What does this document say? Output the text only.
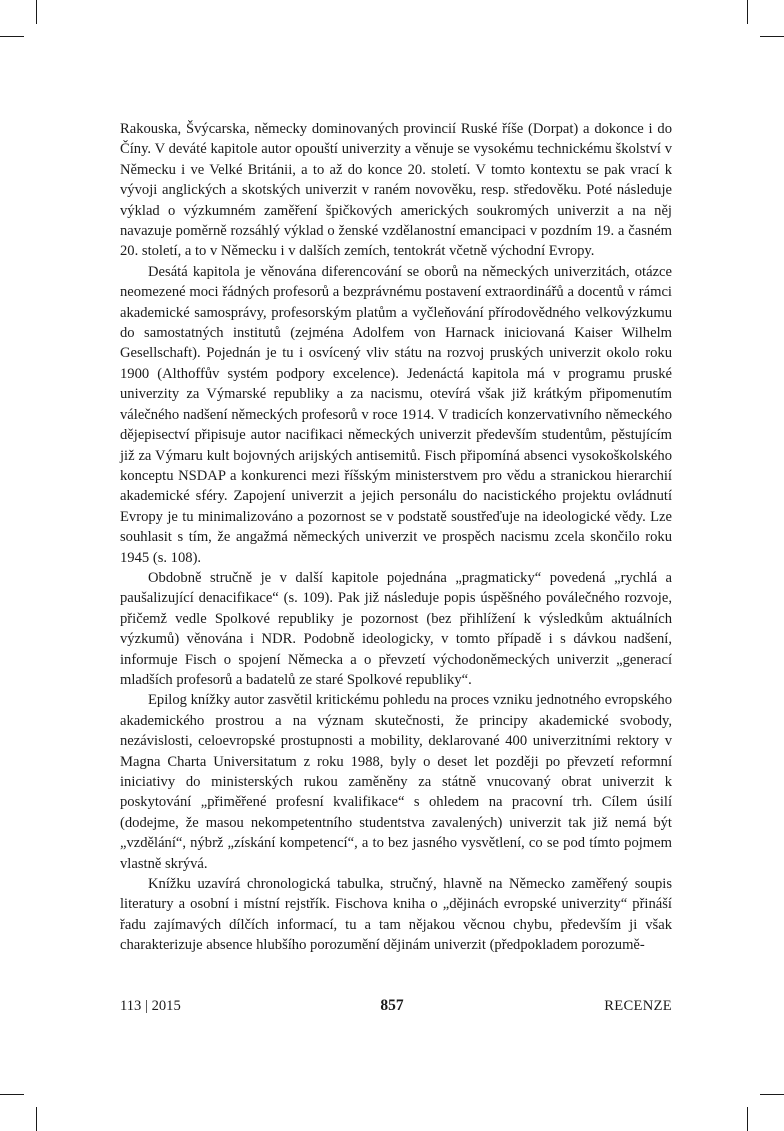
Rakouska, Švýcarska, německy dominovaných provincií Ruské říše (Dorpat) a dokonce i do Číny. V deváté kapitole autor opouští univerzity a věnuje se vysokému technickému školství v Německu i ve Velké Británii, a to až do konce 20. století. V tomto kontextu se pak vrací k vývoji anglických a skotských univerzit v raném novověku, resp. středověku. Poté následuje výklad o výzkumném zaměření špičkových amerických soukromých univerzit a na něj navazuje poměrně rozsáhlý výklad o ženské vzdělanostní emancipaci v pozdním 19. a časném 20. století, a to v Německu i v dalších zemích, tentokrát včetně východní Evropy.

Desátá kapitola je věnována diferencování se oborů na německých univerzitách, otázce neomezené moci řádných profesorů a bezprávnému postavení extraordinářů a docentů v rámci akademické samosprávy, profesorským platům a vyčleňování přírodovědného velkovýzkumu do samostatných institutů (zejména Adolfem von Harnack iniciovaná Kaiser Wilhelm Gesellschaft). Pojednán je tu i osvícený vliv státu na rozvoj pruských univerzit okolo roku 1900 (Althoffův systém podpory excelence). Jedenáctá kapitola má v programu pruské univerzity za Výmarské republiky a za nacismu, otevírá však již krátkým připomenutím válečného nadšení německých profesorů v roce 1914. V tradicích konzervativního německého dějepisectví připisuje autor nacifikaci německých univerzit především studentům, pěstujícím již za Výmaru kult bojovných arijských antisemitů. Fisch připomíná absenci vysokoškolského konceptu NSDAP a konkurenci mezi říšským ministerstvem pro vědu a stranickou hierarchií akademické sféry. Zapojení univerzit a jejich personálu do nacistického projektu ovládnutí Evropy je tu minimalizováno a pozornost se v podstatě soustřeďuje na ideologické vědy. Lze souhlasit s tím, že angažmá německých univerzit ve prospěch nacismu zcela skončilo roku 1945 (s. 108).

Obdobně stručně je v další kapitole pojednána „pragmaticky“ povedená „rychlá a paušalizující denacifikace“ (s. 109). Pak již následuje popis úspěšného poválečného rozvoje, přičemž vedle Spolkové republiky je pozornost (bez přihlížení k výsledkům aktuálních výzkumů) věnována i NDR. Podobně ideologicky, v tomto případě i s dávkou nadšení, informuje Fisch o spojení Německa a o převzetí východoněmeckých univerzit „generací mladších profesorů a badatelů ze staré Spolkové republiky“.

Epilog knížky autor zasvětil kritickému pohledu na proces vzniku jednotného evropského akademického prostrou a na význam skutečnosti, že principy akademické svobody, nezávislosti, celoevropské prostupnosti a mobility, deklarované 400 univerzitními rektory v Magna Charta Universitatum z roku 1988, byly o deset let později po převzetí reformní iniciativy do ministerských rukou zaměněny za státně vnucovaný obrat univerzit k poskytování „přiměřené profesní kvalifikace“ s ohledem na pracovní trh. Cílem úsilí (dodejme, že masou nekompetentního studentstva zavalených) univerzit tak již nemá být „vzdělání“, nýbrž „získání kompetencí“, a to bez jasného vysvětlení, co se pod tímto pojmem vlastně skrývá.

Knížku uzavírá chronologická tabulka, stručný, hlavně na Německo zaměřený soupis literatury a osobní i místní rejstřík. Fischova kniha o „dějinách evropské univerzity“ přináší řadu zajímavých dílčích informací, tu a tam nějakou věcnou chybu, především ji však charakterizuje absence hlubšího porozumění dějinám univerzit (předpokladem porozumě-

113 | 2015	857	RECENZE
